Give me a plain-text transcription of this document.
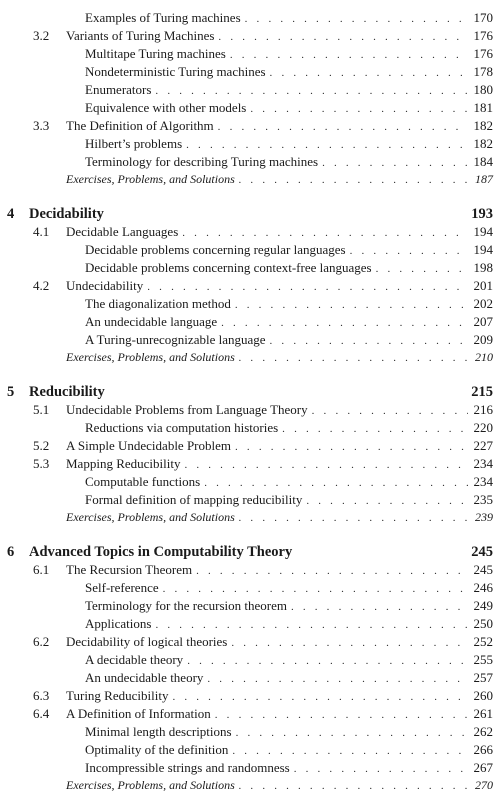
Examples of Turing machines . . .	170
3.2	Variants of Turing Machines . . .	176
Multitape Turing machines . . .	176
Nondeterministic Turing machines . . .	178
Enumerators . . .	180
Equivalence with other models . . .	181
3.3	The Definition of Algorithm . . .	182
Hilbert’s problems . . .	182
Terminology for describing Turing machines . . .	184
Exercises, Problems, and Solutions . . .	187
4	Decidability	193
4.1	Decidable Languages . . .	194
Decidable problems concerning regular languages . . .	194
Decidable problems concerning context-free languages . . .	198
4.2	Undecidability . . .	201
The diagonalization method . . .	202
An undecidable language . . .	207
A Turing-unrecognizable language . . .	209
Exercises, Problems, and Solutions . . .	210
5	Reducibility	215
5.1	Undecidable Problems from Language Theory . . .	216
Reductions via computation histories . . .	220
5.2	A Simple Undecidable Problem . . .	227
5.3	Mapping Reducibility . . .	234
Computable functions . . .	234
Formal definition of mapping reducibility . . .	235
Exercises, Problems, and Solutions . . .	239
6	Advanced Topics in Computability Theory	245
6.1	The Recursion Theorem . . .	245
Self-reference . . .	246
Terminology for the recursion theorem . . .	249
Applications . . .	250
6.2	Decidability of logical theories . . .	252
A decidable theory . . .	255
An undecidable theory . . .	257
6.3	Turing Reducibility . . .	260
6.4	A Definition of Information . . .	261
Minimal length descriptions . . .	262
Optimality of the definition . . .	266
Incompressible strings and randomness . . .	267
Exercises, Problems, and Solutions . . .	270
